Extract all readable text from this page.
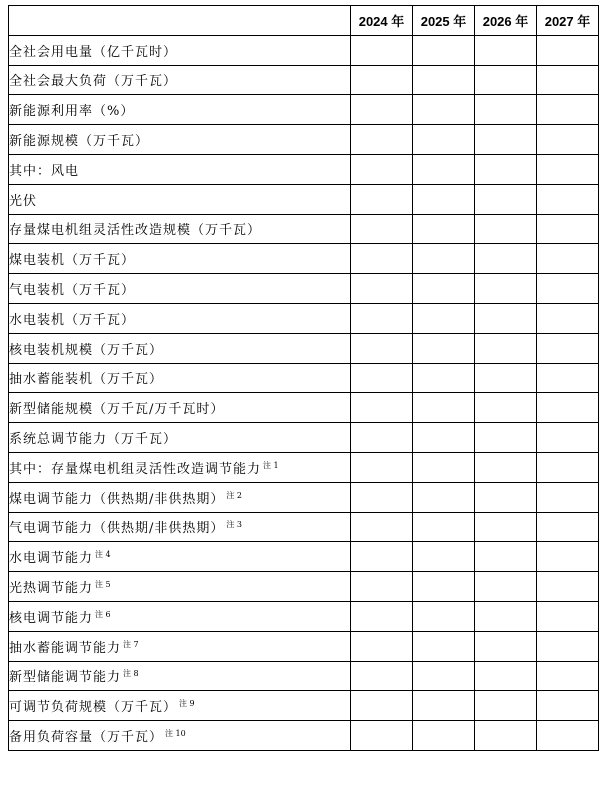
	2024 年	2025 年	2026 年	2027 年
全社会用电量（亿千瓦时）				
全社会最大负荷（万千瓦）				
新能源利用率（%）				
新能源规模（万千瓦）				
其中：风电				
光伏				
存量煤电机组灵活性改造规模（万千瓦）				
煤电装机（万千瓦）				
气电装机（万千瓦）				
水电装机（万千瓦）				
核电装机规模（万千瓦）				
抽水蓄能装机（万千瓦）				
新型储能规模（万千瓦/万千瓦时）				
系统总调节能力（万千瓦）				
其中：存量煤电机组灵活性改造调节能力 $^{注 1}$				
煤电调节能力（供热期/非供热期） $^{注 2}$				
气电调节能力（供热期/非供热期） $^{注 3}$				
水电调节能力 $^{注 4}$				
光热调节能力 $^{注 5}$				
核电调节能力 $^{注 6}$				
抽水蓄能调节能力 $^{注 7}$				
新型储能调节能力 $^{注 8}$				
可调节负荷规模（万千瓦） $^{注 9}$				
备用负荷容量（万千瓦） $^{注 10}$				
